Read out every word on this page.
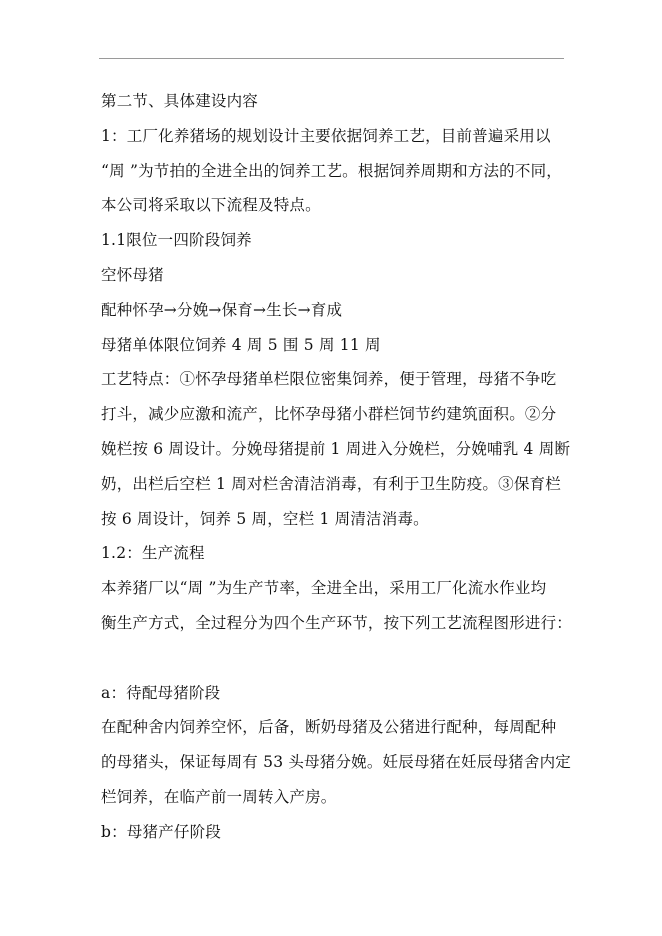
第二节、具体建设内容
1：工厂化养猪场的规划设计主要依据饲养工艺，目前普遍采用以
“周 ”为节拍的全进全出的饲养工艺。根据饲养周期和方法的不同，
本公司将采取以下流程及特点。
1.1限位一四阶段饲养
空怀母猪
配种怀孕→分娩→保育→生长→育成
母猪单体限位饲养 4 周 5 围 5 周 11 周
工艺特点：①怀孕母猪单栏限位密集饲养，便于管理，母猪不争吃
打斗，减少应激和流产，比怀孕母猪小群栏饲节约建筑面积。②分
娩栏按 6 周设计。分娩母猪提前 1 周进入分娩栏，分娩哺乳 4 周断
奶，出栏后空栏 1 周对栏舍清洁消毒，有利于卫生防疫。③保育栏
按 6 周设计，饲养 5 周，空栏 1 周清洁消毒。
1.2：生产流程
本养猪厂以“周 ”为生产节率，全进全出，采用工厂化流水作业均
衡生产方式，全过程分为四个生产环节，按下列工艺流程图形进行：
a：待配母猪阶段
在配种舍内饲养空怀，后备，断奶母猪及公猪进行配种，每周配种
的母猪头，保证每周有 53 头母猪分娩。妊辰母猪在妊辰母猪舍内定
栏饲养，在临产前一周转入产房。
b：母猪产仔阶段
